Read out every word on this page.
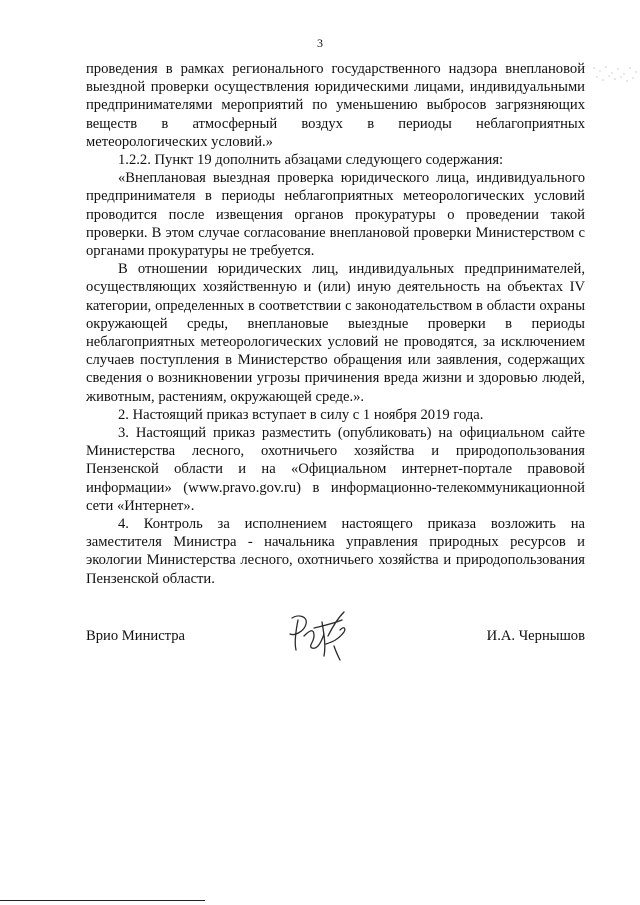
3

проведения в рамках регионального государственного надзора внеплановой выездной проверки осуществления юридическими лицами, индивидуальными предпринимателями мероприятий по уменьшению выбросов загрязняющих веществ в атмосферный воздух в периоды неблагоприятных метеорологических условий.»

1.2.2. Пункт 19 дополнить абзацами следующего содержания:

«Внеплановая выездная проверка юридического лица, индивидуального предпринимателя в периоды неблагоприятных метеорологических условий проводится после извещения органов прокуратуры о проведении такой проверки. В этом случае согласование внеплановой проверки Министерством с органами прокуратуры не требуется.

В отношении юридических лиц, индивидуальных предпринимателей, осуществляющих хозяйственную и (или) иную деятельность на объектах IV категории, определенных в соответствии с законодательством в области охраны окружающей среды, внеплановые выездные проверки в периоды неблагоприятных метеорологических условий не проводятся, за исключением случаев поступления в Министерство обращения или заявления, содержащих сведения о возникновении угрозы причинения вреда жизни и здоровью людей, животным, растениям, окружающей среде.».

2. Настоящий приказ вступает в силу с 1 ноября 2019 года.

3. Настоящий приказ разместить (опубликовать) на официальном сайте Министерства лесного, охотничьего хозяйства и природопользования Пензенской области и на «Официальном интернет-портале правовой информации» (www.pravo.gov.ru) в информационно-телекоммуникационной сети «Интернет».

4. Контроль за исполнением настоящего приказа возложить на заместителя Министра - начальника управления природных ресурсов и экологии Министерства лесного, охотничьего хозяйства и природопользования Пензенской области.

Врио Министра	И.А. Чернышов
